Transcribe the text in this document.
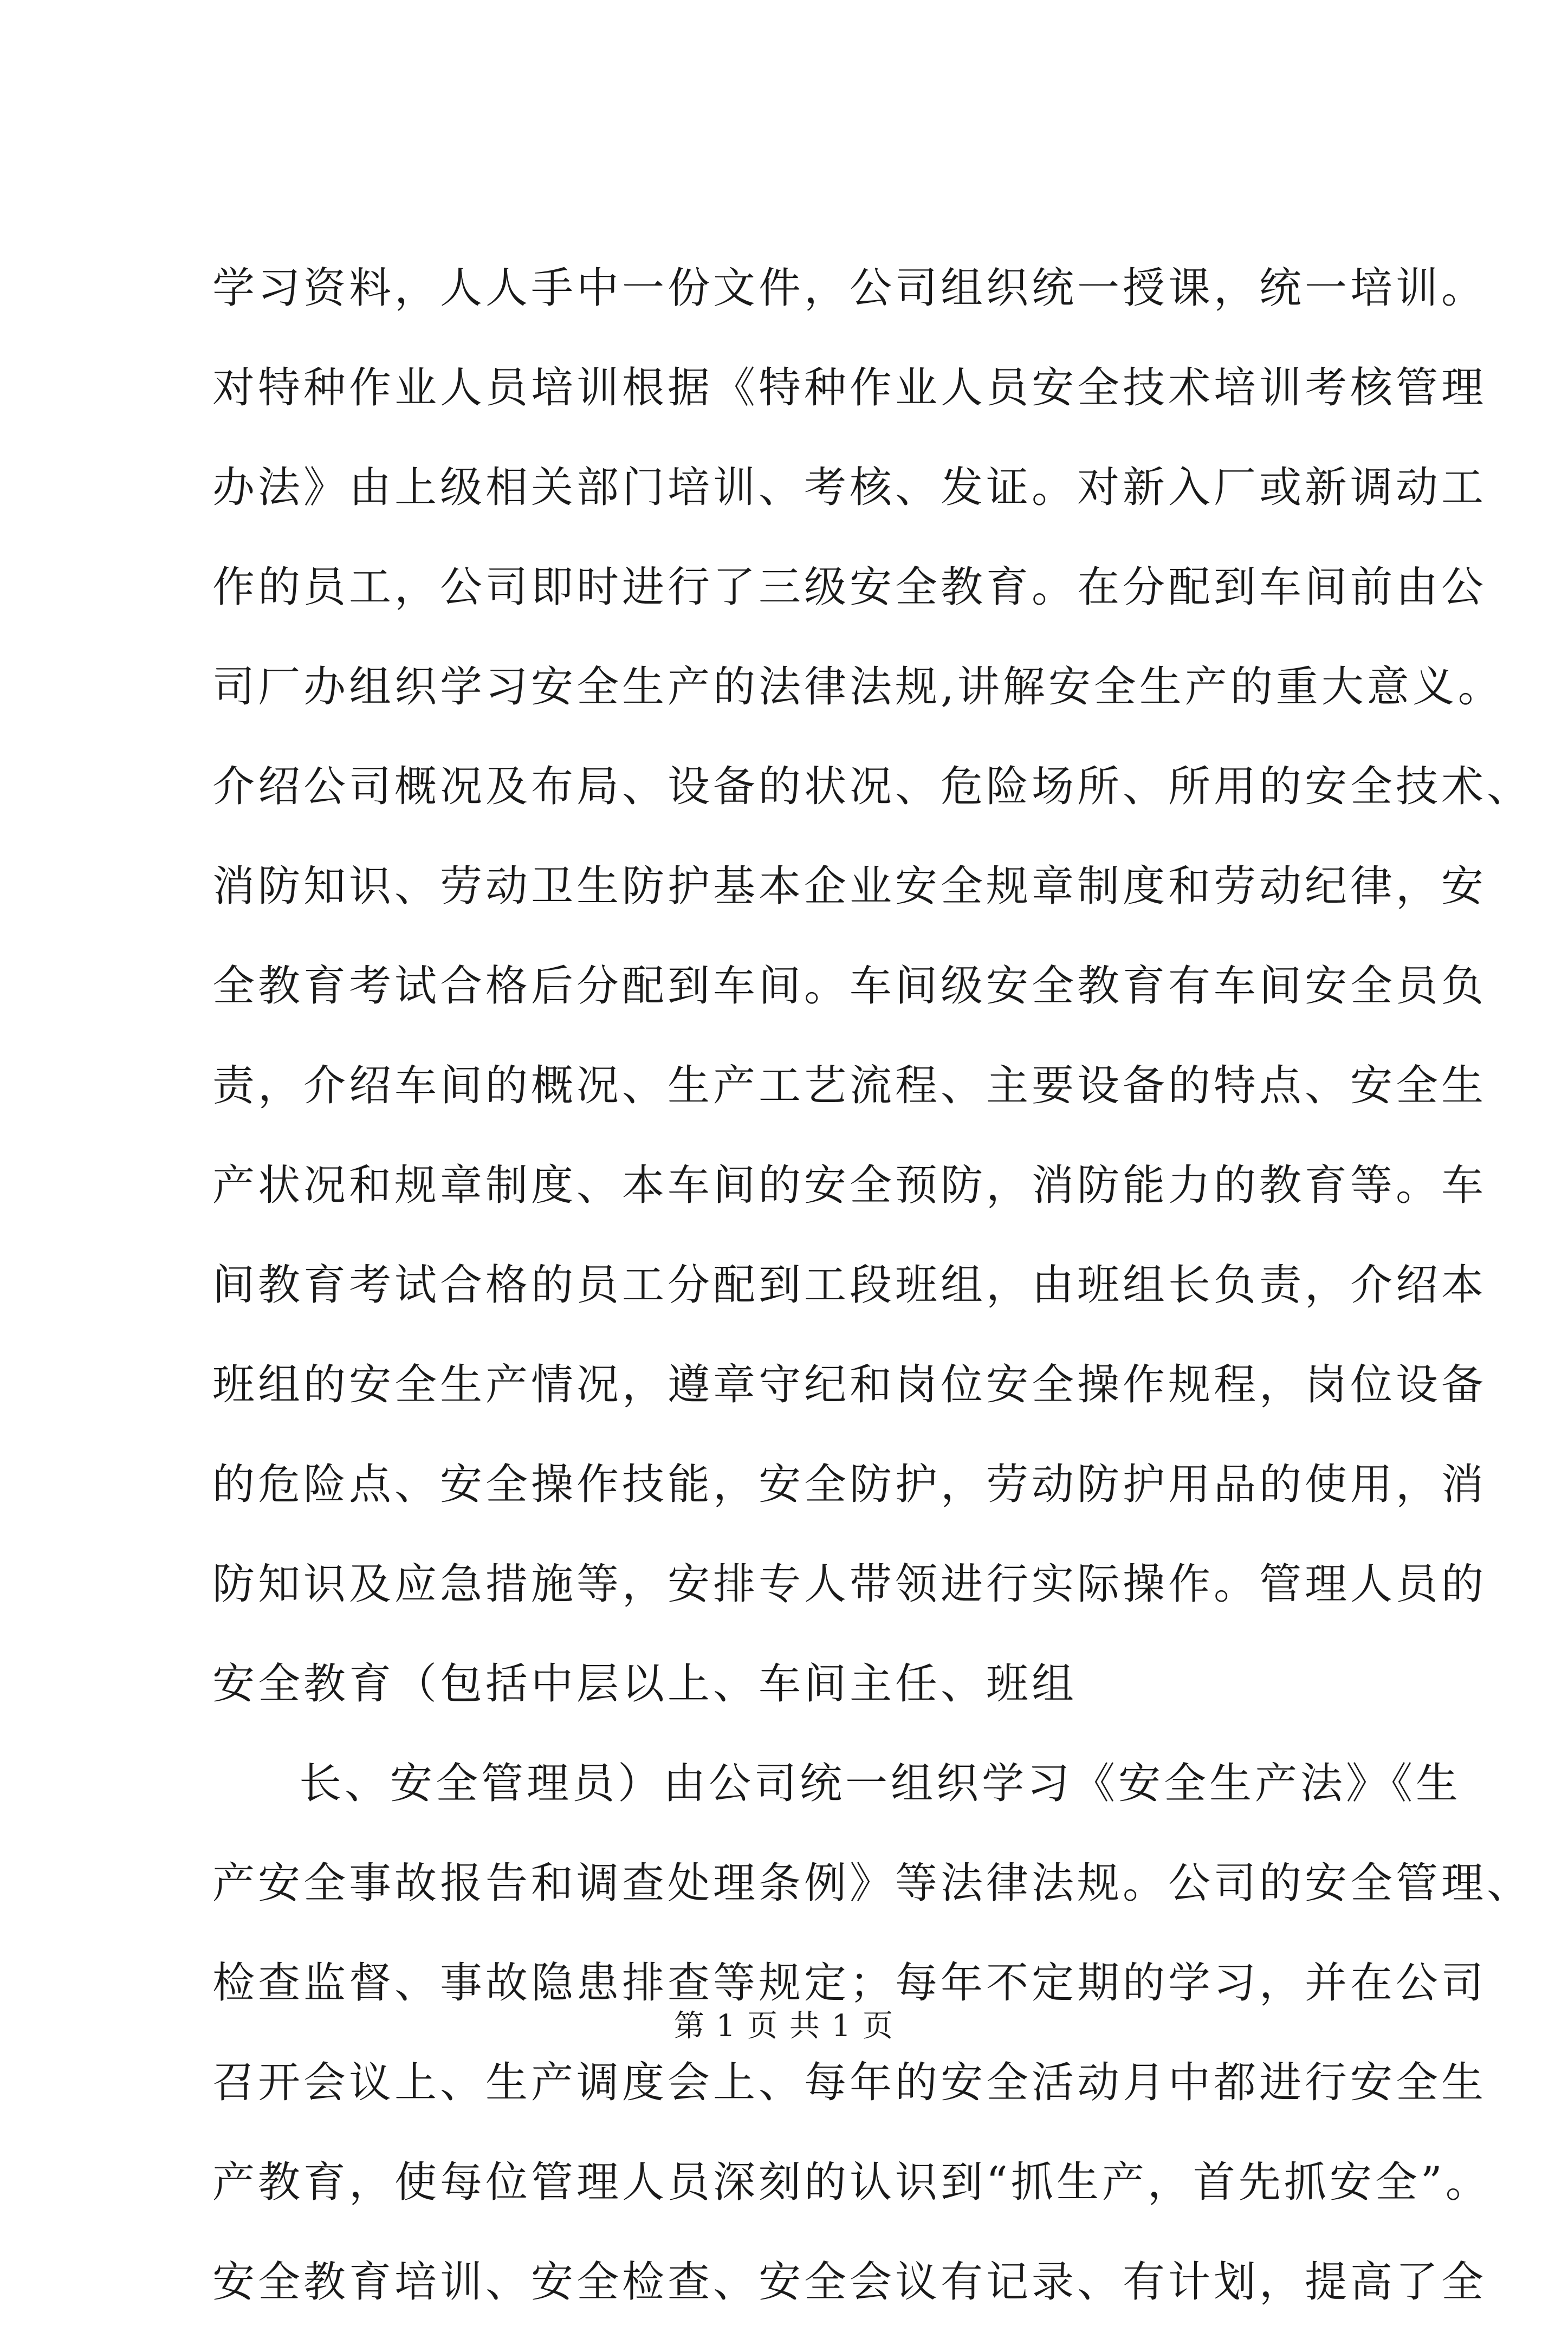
学习资料，人人手中一份文件，公司组织统一授课，统一培训。
对特种作业人员培训根据《特种作业人员安全技术培训考核管理
办法》由上级相关部门培训、考核、发证。对新入厂或新调动工
作的员工，公司即时进行了三级安全教育。在分配到车间前由公
司厂办组织学习安全生产的法律法规,讲解安全生产的重大意义。
介绍公司概况及布局、设备的状况、危险场所、所用的安全技术、
消防知识、劳动卫生防护基本企业安全规章制度和劳动纪律，安
全教育考试合格后分配到车间。车间级安全教育有车间安全员负
责，介绍车间的概况、生产工艺流程、主要设备的特点、安全生
产状况和规章制度、本车间的安全预防，消防能力的教育等。车
间教育考试合格的员工分配到工段班组，由班组长负责，介绍本
班组的安全生产情况，遵章守纪和岗位安全操作规程，岗位设备
的危险点、安全操作技能，安全防护，劳动防护用品的使用，消
防知识及应急措施等，安排专人带领进行实际操作。管理人员的
安全教育（包括中层以上、车间主任、班组
长、安全管理员）由公司统一组织学习《安全生产法》《生
产安全事故报告和调查处理条例》等法律法规。公司的安全管理、
检查监督、事故隐患排查等规定；每年不定期的学习，并在公司
召开会议上、生产调度会上、每年的安全活动月中都进行安全生
产教育，使每位管理人员深刻的认识到“抓生产，首先抓安全”。
安全教育培训、安全检查、安全会议有记录、有计划，提高了全
第 1 页 共 1 页
